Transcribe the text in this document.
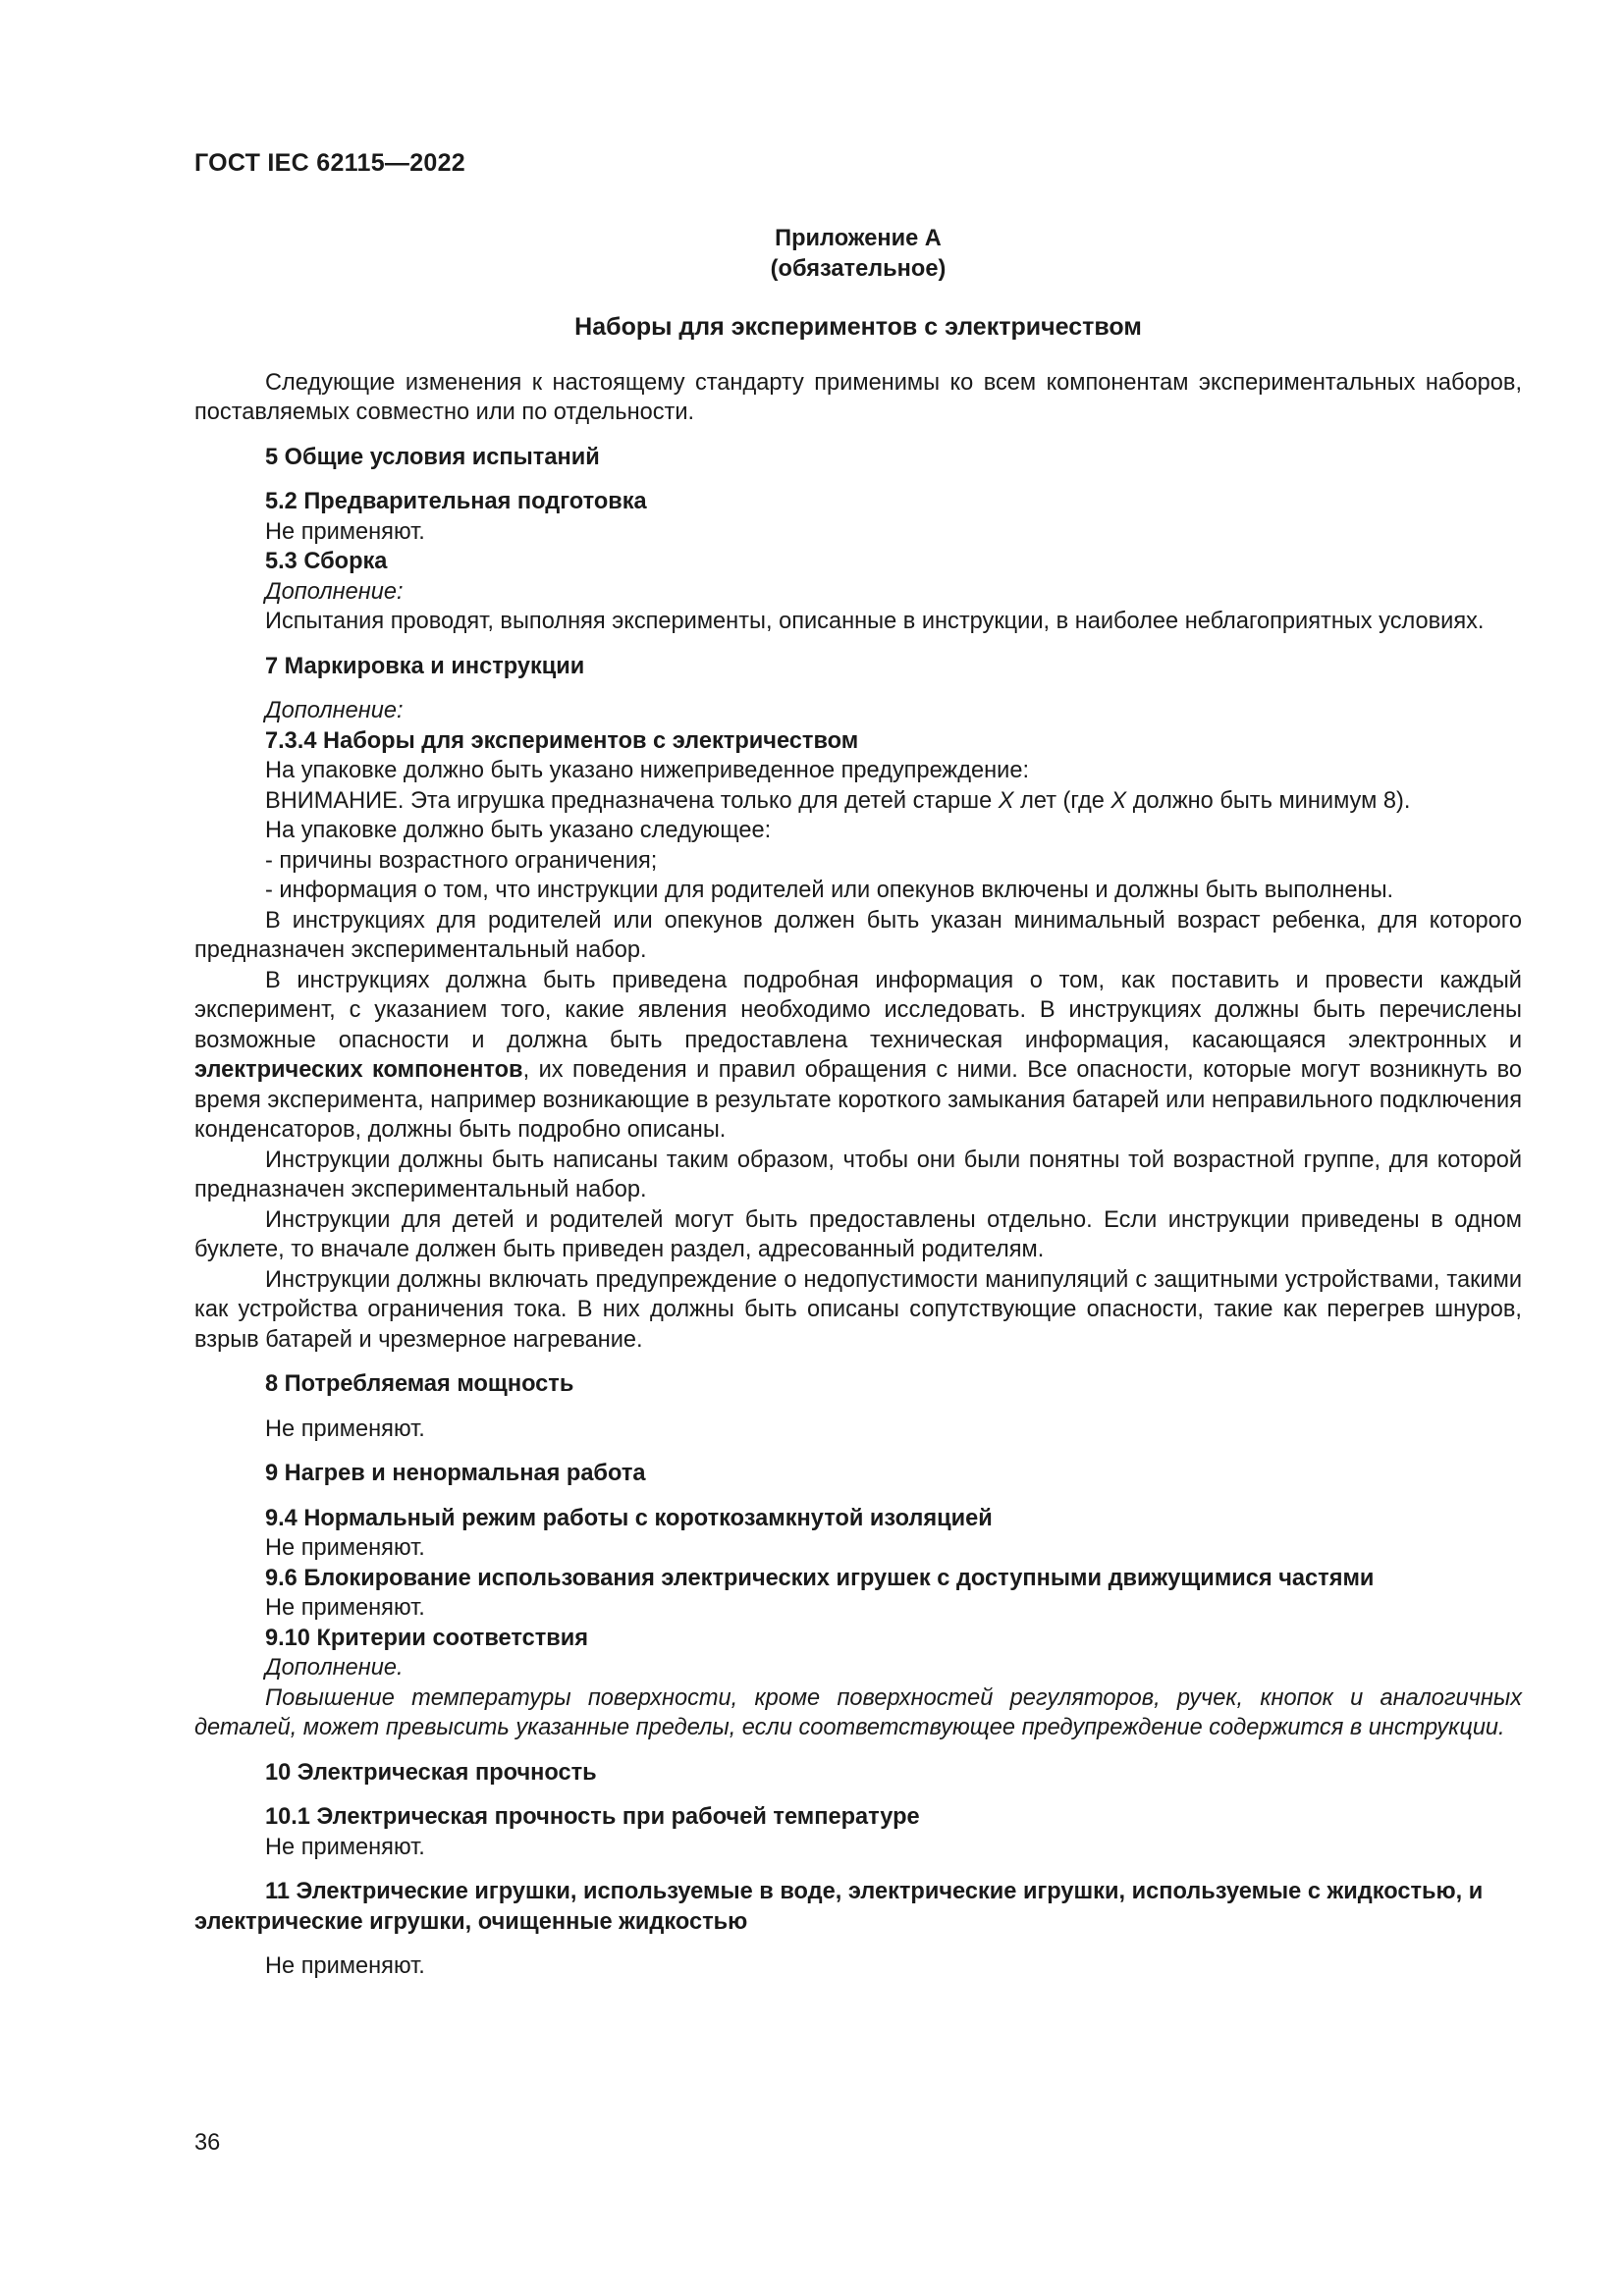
ГОСТ IEC 62115—2022

Приложение А

(обязательное)

Наборы для экспериментов с электричеством

Следующие изменения к настоящему стандарту применимы ко всем компонентам экспериментальных наборов, поставляемых совместно или по отдельности.

5 Общие условия испытаний

5.2 Предварительная подготовка

Не применяют.

5.3 Сборка

Дополнение:

Испытания проводят, выполняя эксперименты, описанные в инструкции, в наиболее неблагоприятных условиях.

7 Маркировка и инструкции

Дополнение:

7.3.4 Наборы для экспериментов с электричеством

На упаковке должно быть указано нижеприведенное предупреждение:

ВНИМАНИЕ. Эта игрушка предназначена только для детей старше X лет (где X должно быть минимум 8).

На упаковке должно быть указано следующее:

- причины возрастного ограничения;

- информация о том, что инструкции для родителей или опекунов включены и должны быть выполнены.

В инструкциях для родителей или опекунов должен быть указан минимальный возраст ребенка, для которого предназначен экспериментальный набор.

В инструкциях должна быть приведена подробная информация о том, как поставить и провести каждый эксперимент, с указанием того, какие явления необходимо исследовать. В инструкциях должны быть перечислены возможные опасности и должна быть предоставлена техническая информация, касающаяся электронных и электрических компонентов, их поведения и правил обращения с ними. Все опасности, которые могут возникнуть во время эксперимента, например возникающие в результате короткого замыкания батарей или неправильного подключения конденсаторов, должны быть подробно описаны.

Инструкции должны быть написаны таким образом, чтобы они были понятны той возрастной группе, для которой предназначен экспериментальный набор.

Инструкции для детей и родителей могут быть предоставлены отдельно. Если инструкции приведены в одном буклете, то вначале должен быть приведен раздел, адресованный родителям.

Инструкции должны включать предупреждение о недопустимости манипуляций с защитными устройствами, такими как устройства ограничения тока. В них должны быть описаны сопутствующие опасности, такие как перегрев шнуров, взрыв батарей и чрезмерное нагревание.

8 Потребляемая мощность

Не применяют.

9 Нагрев и ненормальная работа

9.4 Нормальный режим работы с короткозамкнутой изоляцией

Не применяют.

9.6 Блокирование использования электрических игрушек с доступными движущимися частями

Не применяют.

9.10 Критерии соответствия

Дополнение.

Повышение температуры поверхности, кроме поверхностей регуляторов, ручек, кнопок и аналогичных деталей, может превысить указанные пределы, если соответствующее предупреждение содержится в инструкции.

10 Электрическая прочность

10.1 Электрическая прочность при рабочей температуре

Не применяют.

11 Электрические игрушки, используемые в воде, электрические игрушки, используемые с жидкостью, и электрические игрушки, очищенные жидкостью

Не применяют.

36
